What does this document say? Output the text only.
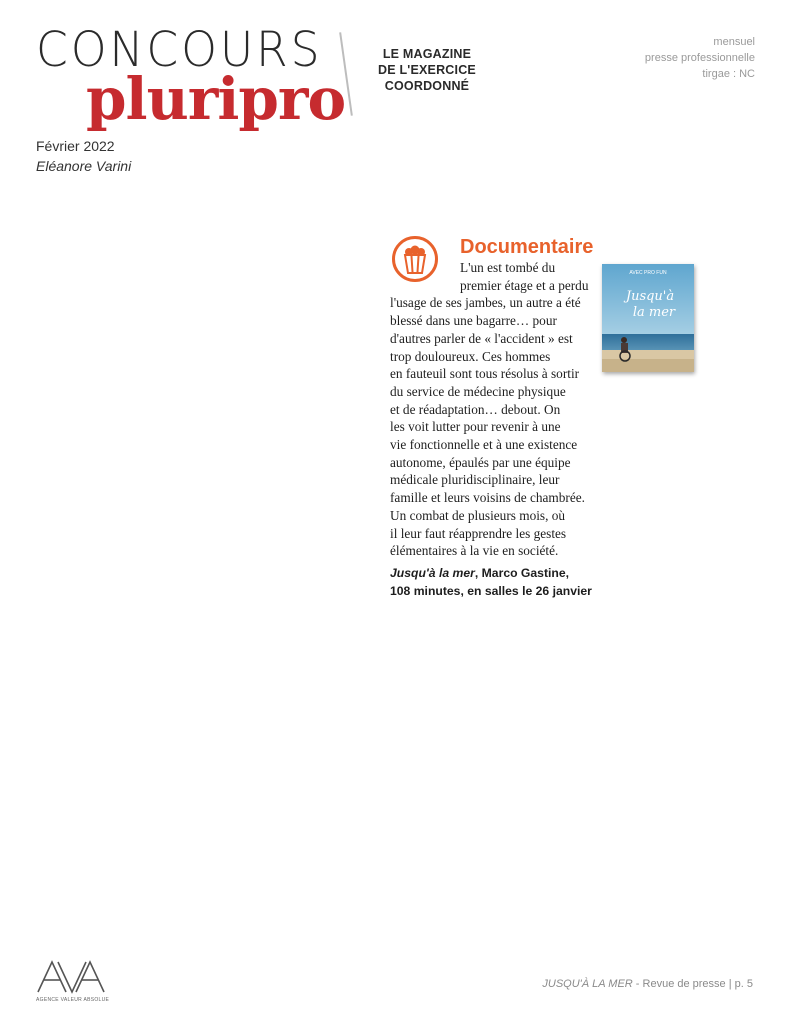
CONCOURS
pluripro
LE MAGAZINE
DE L'EXERCICE
COORDONNÉ
mensuel
presse professionnelle
tirgae : NC
Février 2022
Eléanore Varini
Documentaire
L'un est tombé du
premier étage et a perdu
l'usage de ses jambes, un autre a été
blessé dans une bagarre… pour
d'autres parler de « l'accident » est
trop douloureux. Ces hommes
en fauteuil sont tous résolus à sortir
du service de médecine physique
et de réadaptation… debout. On
les voit lutter pour revenir à une
vie fonctionnelle et à une existence
autonome, épaulés par une équipe
médicale pluridisciplinaire, leur
famille et leurs voisins de chambrée.
Un combat de plusieurs mois, où
il leur faut réapprendre les gestes
élémentaires à la vie en société.
Jusqu'à la mer, Marco Gastine,
108 minutes, en salles le 26 janvier
AVEC PRO FUN
Jusqu'à
la mer
AGENCE VALEUR ABSOLUE
JUSQU'À LA MER - Revue de presse | p. 5
